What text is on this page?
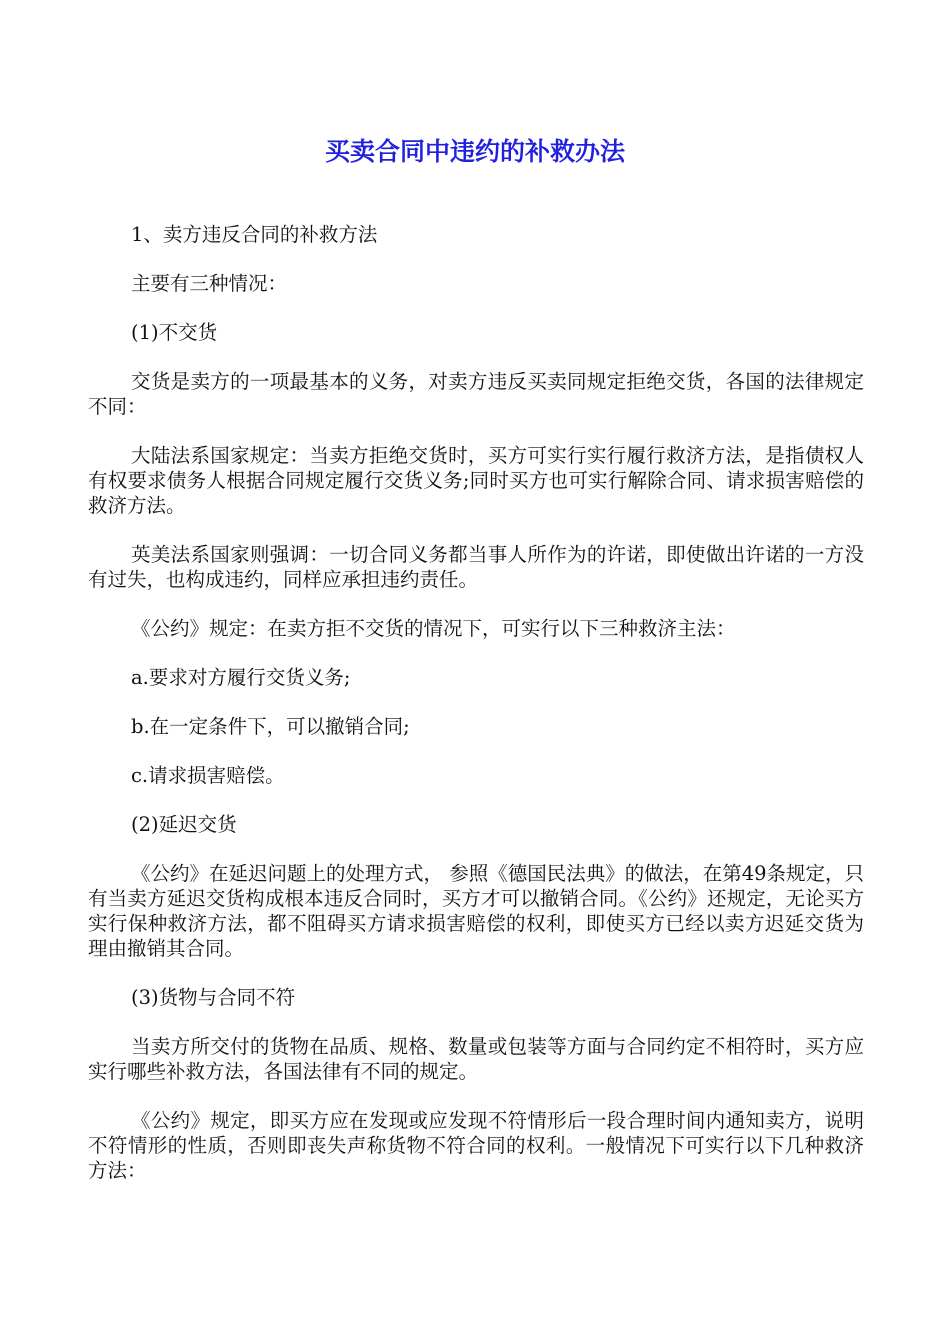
买卖合同中违约的补救办法

1、卖方违反合同的补救方法

主要有三种情况：

(1)不交货

交货是卖方的一项最基本的义务，对卖方违反买卖同规定拒绝交货，各国的法律规定不同：

大陆法系国家规定：当卖方拒绝交货时，买方可实行实行履行救济方法，是指债权人有权要求债务人根据合同规定履行交货义务;同时买方也可实行解除合同、请求损害赔偿的救济方法。

英美法系国家则强调：一切合同义务都当事人所作为的许诺，即使做出许诺的一方没有过失，也构成违约，同样应承担违约责任。

《公约》规定：在卖方拒不交货的情况下，可实行以下三种救济主法：

a.要求对方履行交货义务;

b.在一定条件下，可以撤销合同;

c.请求损害赔偿。

(2)延迟交货

《公约》在延迟问题上的处理方式， 参照《德国民法典》的做法，在第49条规定，只有当卖方延迟交货构成根本违反合同时，买方才可以撤销合同。《公约》还规定，无论买方实行保种救济方法，都不阻碍买方请求损害赔偿的权利，即使买方已经以卖方迟延交货为理由撤销其合同。

(3)货物与合同不符

当卖方所交付的货物在品质、规格、数量或包装等方面与合同约定不相符时，买方应实行哪些补救方法，各国法律有不同的规定。

《公约》规定，即买方应在发现或应发现不符情形后一段合理时间内通知卖方，说明不符情形的性质，否则即丧失声称货物不符合同的权利。一般情况下可实行以下几种救济方法：
